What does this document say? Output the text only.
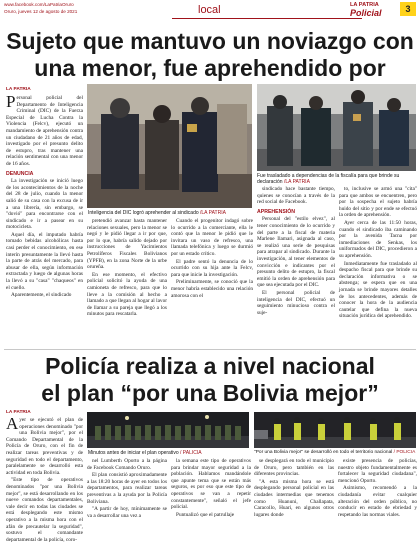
www.facebook.com/LaPatriaOruro
Oruro, jueves 12 de agosto de 2021	local	LA PATRIA
Policial	3
Sujeto que mantuvo un noviazgo con
una menor, fue aprehendido por
LA PATRIA

Personal policial del Departamento de Inteligencia Criminal (DIC) de la Fuerza Especial de Lucha Contra la Violencia (Felcv), ejecutó un mandamiento de aprehensión contra un ciudadano de 21 años de edad, investigado por el presunto delito de estupro, tras mantener una relación sentimental con una menor de 16 años.

DENUNCIA

La investigación se inició luego de los acontecimientos de la noche del 28 de julio, cuando la menor salió de su casa con la excusa de ir a una librería, sin embargo, se "dovió" para encontrarse con el sindicado e ir a pasear en su motocicleta.

Aquel día, el imputado habría tomado bebidas alcohólicas hasta casi perder el conocimiento, en ese interín presuntamente la llevó hasta la parte de atrás del mercado, para abusar de ella, según información extractada y luego de algunas horas la llevó a su "casa" "chaqueos" en el cuello.

Aparentemente, el sindicado

Inteligencia del DIC logró aprehender al sindicado /LA PATRIA

pretendió avanzar hasta mantener relaciones sexuales, pero la menor se negó y le pidió llegar a ir por que, por lo que, habría salido dejado por instrucciones de Yacimientos Petrolíferos Fiscales Bolivianos (YPFB), en la zona Norte de la urbe orureña.

En ese momento, el efectivo policial solicitó la ayuda de una camioneta de refresco, para que lo lleve a la comisión al hecho a llamado a que llegan al hogar al lavor de llamar a su pareja que llegó a los minutos para rescatarla.

Cuando el progenitor indagó sobre lo ocurrido a la comerciante, ella le contó que la menor le pidió que le invitara un vaso de refresco, una llamada telefónica y luego se durmió por un estado crítico.

El padre sentó la denuncia de lo ocurrido con su hija ante la Felcv, para que inicie la investigación.

Preliminarmente, se conoció que la menor habría establecido una relación amorosa con el

Fue trasladado a dependencias de la fiscalía para que brinde su declaración /LA PATRIA

sindicado hace bastante tiempo, quienes se conocían a través de la red social de Facebook.

APREHENSIÓN

Personal del "estilo elvez", al tener conocimiento de lo ocurrido y del parte a la fiscal de materia Marlene Ilamari, asignada al caso, se realizó una serie de pesquisas para atrapar al sindicado. Durante la investigación, al tener elementos de convicción e indicantes por el presunto delito de estupro, la fiscal emitió la orden de aprehensión para que sea ejecutada por el DIC.

El personal policial de inteligencia del DIC, efectuó un seguimiento minucioso contra el suje-

to, inclusive se armó una "cita" para que ambos se encuentren, pero por la sospecha el sujeto habría huido del sitio y por ende se efectuó la orden de aprehensión.

Ayer cerca de las 11:50 horas, cuando el sindicado iba caminando por la avenida Tacna por inmediaciones de Senkas, los uniformados del DIC, procedieron a su aprehensión.

Inmediatamente fue trasladado al despacho fiscal para que brinde su declaración informativa o se abstenga; se espera que en una jornada se brinde mayores detalles de los antecedentes, además de conocer la hora de la audiencia cautelar que defina la nueva situación jurídica del aprehendido.

Policía realiza a nivel nacional
el plan “por una Bolivia mejor”
LA PATRIA

Ayer se ejecutó el plan de operaciones denominado "por una Bolivia mejor", por el Comando Departamental de la Policía de Oruro, con el fin de realizar tareas preventivas y de seguridad en todo el departamento, paralelamente se desarrolló esta actividad en toda Bolivia.

"Este tipo de operativos denominados "por una Bolivia mejor", se está desarrollando en los nueve comandos departamentales, vale decir en todas las ciudades se está desplegando este mismo operativo a la misma hora con el afán de precautelar la seguridad", sostuvo el comandante departamental de la policía, coro-

Minutos antes de iniciar el plan operativo / PALICIA

nel Lumberth Oporto a la página de Facebook Comando Oruro.

El plan consistió aproximadamente a las 18:20 horas de ayer en todos los departamentos, para realizar tareas preventivas a la ayuda por la Policía Boliviana.

"A partir de hoy, mínimamente se va a desarrollar una vez a

la semana este tipo de operativos para brindar mayor seguridad a la población. Hablamos mandándole que apunte tema que se están más seguros, es por eso que este tipo de operativos se van a repetir constantemente", señaló el jefe policial.

Puntualizó que el patrullaje

"Por una Bolivia mejor" se desarrolló en todo el territorio nacional / POLICIA

se desplegará en todo el municipio de Oruro, pero también en las diferentes provincias.

"A esta misma hora se está desplegando personal policial en las ciudades intermedias que tenemos como Huanuni, Challapata, Caracollo, Huari, en algunos otros lugares donde

existe presencia de policías, nuestro objeto fundamentalmente es fortalecer la seguridad ciudadana", mencionó Oporto.

Asimismo, recomendó a la ciudadanía evitar cualquier alteración del orden público, no conducir en estado de ebriedad y respetando las normas viales.
